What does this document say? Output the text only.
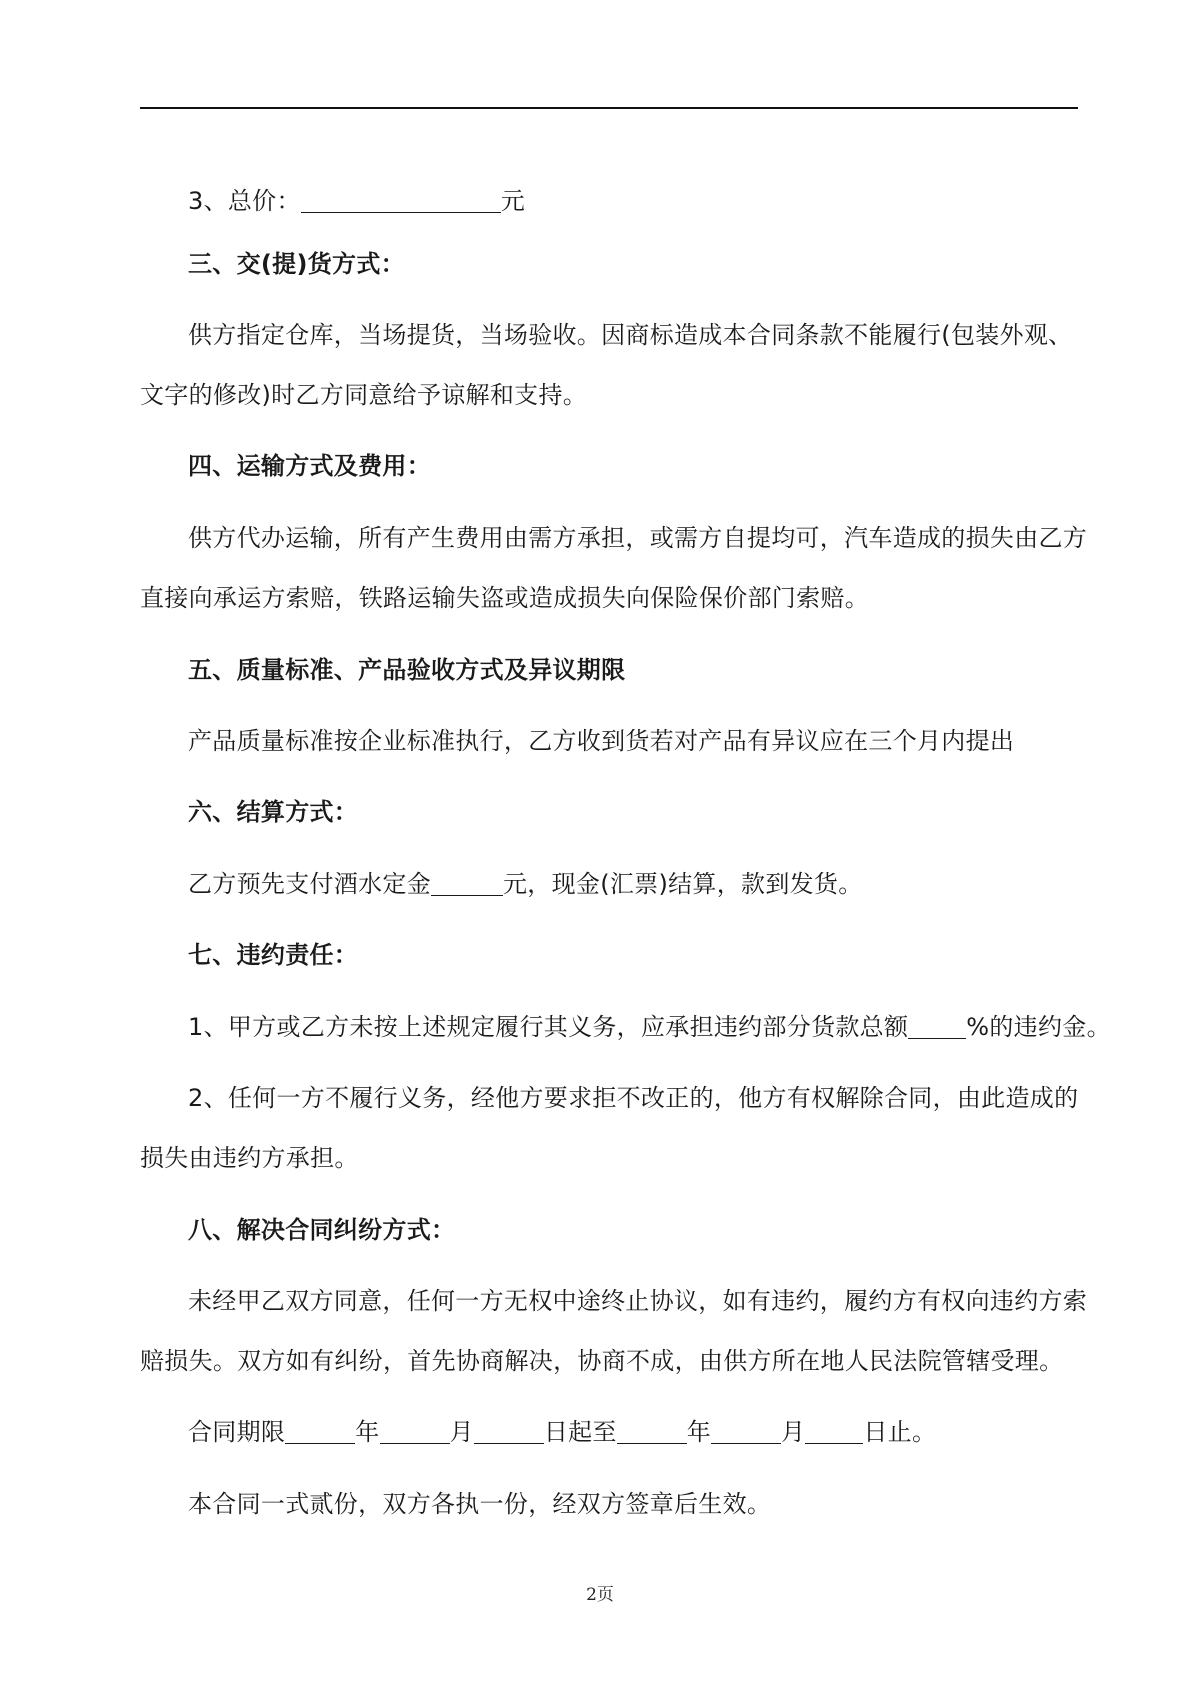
3、总价：	元
三、交(提)货方式：
供方指定仓库，当场提货，当场验收。因商标造成本合同条款不能履行(包装外观、
文字的修改)时乙方同意给予谅解和支持。
四、运输方式及费用：
供方代办运输，所有产生费用由需方承担，或需方自提均可，汽车造成的损失由乙方
直接向承运方索赔，铁路运输失盗或造成损失向保险保价部门索赔。
五、质量标准、产品验收方式及异议期限
产品质量标准按企业标准执行，乙方收到货若对产品有异议应在三个月内提出
六、结算方式：
乙方预先支付酒水定金	元，现金(汇票)结算，款到发货。
七、违约责任：
1、甲方或乙方未按上述规定履行其义务，应承担违约部分货款总额 %的违约金。
2、任何一方不履行义务，经他方要求拒不改正的，他方有权解除合同，由此造成的
损失由违约方承担。
八、解决合同纠纷方式：
未经甲乙双方同意，任何一方无权中途终止协议，如有违约，履约方有权向违约方索
赔损失。双方如有纠纷，首先协商解决，协商不成，由供方所在地人民法院管辖受理。
合同期限	年	月	日起至	年	月 日止。
本合同一式贰份，双方各执一份，经双方签章后生效。
2页
